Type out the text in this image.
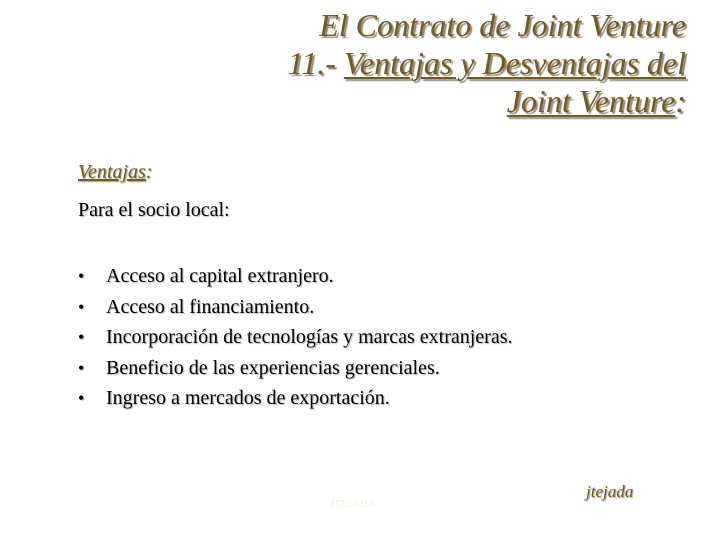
El Contrato de Joint Venture
11.- Ventajas y Desventajas del
Joint Venture:
Ventajas:
Para el socio local:
•	Acceso al capital extranjero.
•	Acceso al financiamiento.
•	Incorporación de tecnologías y marcas extranjeras.
•	Beneficio de las experiencias gerenciales.
•	Ingreso a mercados de exportación.
JTEJADA
jtejada
